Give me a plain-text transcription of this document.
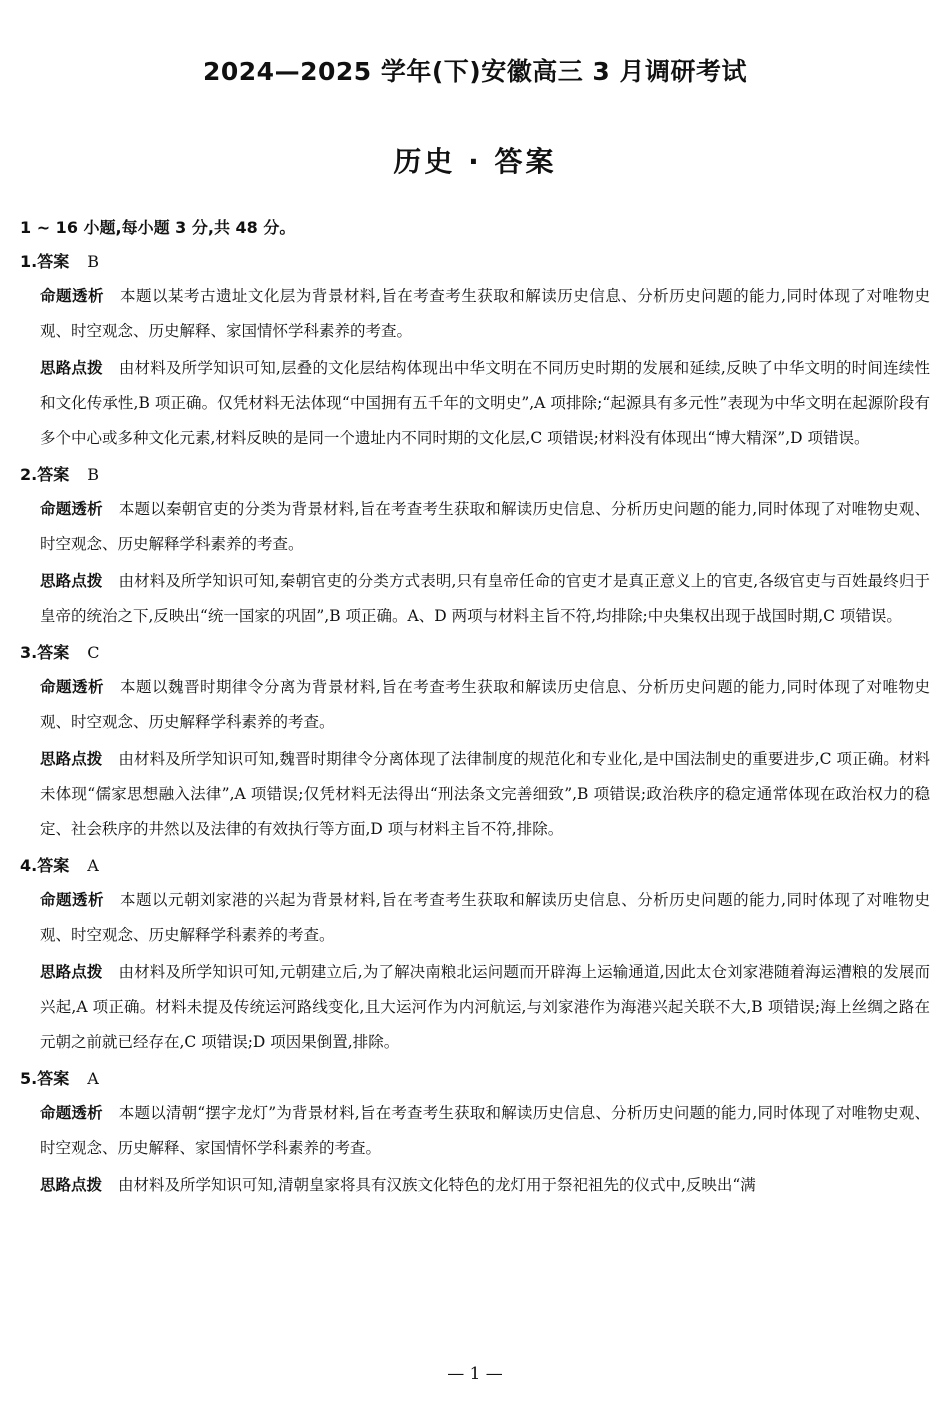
2024—2025 学年(下)安徽高三 3 月调研考试
历史 · 答案
1 ~ 16 小题,每小题 3 分,共 48 分。
1.答案 B
命题透析 本题以某考古遗址文化层为背景材料,旨在考查考生获取和解读历史信息、分析历史问题的能力,同时体现了对唯物史观、时空观念、历史解释、家国情怀学科素养的考查。
思路点拨 由材料及所学知识可知,层叠的文化层结构体现出中华文明在不同历史时期的发展和延续,反映了中华文明的时间连续性和文化传承性,B 项正确。仅凭材料无法体现“中国拥有五千年的文明史”,A 项排除;“起源具有多元性”表现为中华文明在起源阶段有多个中心或多种文化元素,材料反映的是同一个遗址内不同时期的文化层,C 项错误;材料没有体现出“博大精深”,D 项错误。
2.答案 B
命题透析 本题以秦朝官吏的分类为背景材料,旨在考查考生获取和解读历史信息、分析历史问题的能力,同时体现了对唯物史观、时空观念、历史解释学科素养的考查。
思路点拨 由材料及所学知识可知,秦朝官吏的分类方式表明,只有皇帝任命的官吏才是真正意义上的官吏,各级官吏与百姓最终归于皇帝的统治之下,反映出“统一国家的巩固”,B 项正确。A、D 两项与材料主旨不符,均排除;中央集权出现于战国时期,C 项错误。
3.答案 C
命题透析 本题以魏晋时期律令分离为背景材料,旨在考查考生获取和解读历史信息、分析历史问题的能力,同时体现了对唯物史观、时空观念、历史解释学科素养的考查。
思路点拨 由材料及所学知识可知,魏晋时期律令分离体现了法律制度的规范化和专业化,是中国法制史的重要进步,C 项正确。材料未体现“儒家思想融入法律”,A 项错误;仅凭材料无法得出“刑法条文完善细致”,B 项错误;政治秩序的稳定通常体现在政治权力的稳定、社会秩序的井然以及法律的有效执行等方面,D 项与材料主旨不符,排除。
4.答案 A
命题透析 本题以元朝刘家港的兴起为背景材料,旨在考查考生获取和解读历史信息、分析历史问题的能力,同时体现了对唯物史观、时空观念、历史解释学科素养的考查。
思路点拨 由材料及所学知识可知,元朝建立后,为了解决南粮北运问题而开辟海上运输通道,因此太仓刘家港随着海运漕粮的发展而兴起,A 项正确。材料未提及传统运河路线变化,且大运河作为内河航运,与刘家港作为海港兴起关联不大,B 项错误;海上丝绸之路在元朝之前就已经存在,C 项错误;D 项因果倒置,排除。
5.答案 A
命题透析 本题以清朝“摆字龙灯”为背景材料,旨在考查考生获取和解读历史信息、分析历史问题的能力,同时体现了对唯物史观、时空观念、历史解释、家国情怀学科素养的考查。
思路点拨 由材料及所学知识可知,清朝皇家将具有汉族文化特色的龙灯用于祭祀祖先的仪式中,反映出“满
— 1 —
